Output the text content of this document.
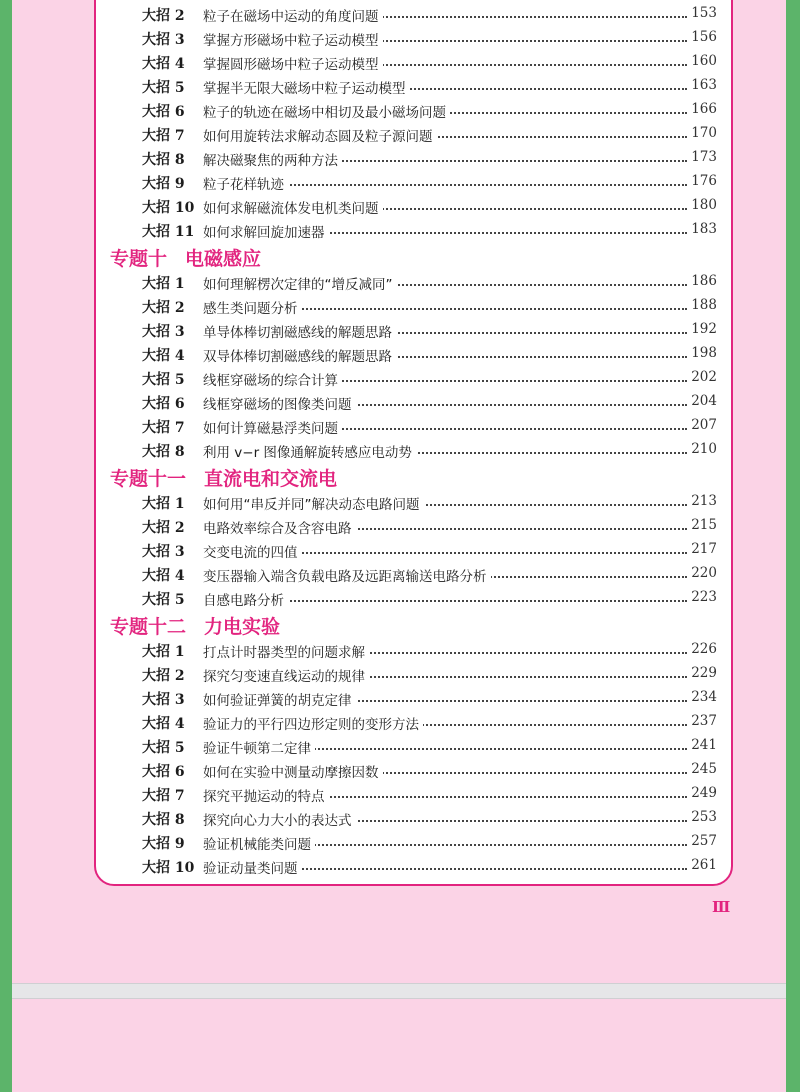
大招 2 粒子在磁场中运动的角度问题	153
大招 3 掌握方形磁场中粒子运动模型	156
大招 4 掌握圆形磁场中粒子运动模型	160
大招 5 掌握半无限大磁场中粒子运动模型	163
大招 6 粒子的轨迹在磁场中相切及最小磁场问题	166
大招 7 如何用旋转法求解动态圆及粒子源问题	170
大招 8 解决磁聚焦的两种方法	173
大招 9 粒子花样轨迹	176
大招 10 如何求解磁流体发电机类问题	180
大招 11 如何求解回旋加速器	183
专题十 电磁感应
大招 1 如何理解楞次定律的“增反减同”	186
大招 2 感生类问题分析	188
大招 3 单导体棒切割磁感线的解题思路	192
大招 4 双导体棒切割磁感线的解题思路	198
大招 5 线框穿磁场的综合计算	202
大招 6 线框穿磁场的图像类问题	204
大招 7 如何计算磁悬浮类问题	207
大招 8 利用 v−r 图像通解旋转感应电动势	210
专题十一 直流电和交流电
大招 1 如何用“串反并同”解决动态电路问题	213
大招 2 电路效率综合及含容电路	215
大招 3 交变电流的四值	217
大招 4 变压器输入端含负载电路及远距离输送电路分析	220
大招 5 自感电路分析	223
专题十二 力电实验
大招 1 打点计时器类型的问题求解	226
大招 2 探究匀变速直线运动的规律	229
大招 3 如何验证弹簧的胡克定律	234
大招 4 验证力的平行四边形定则的变形方法	237
大招 5 验证牛顿第二定律	241
大招 6 如何在实验中测量动摩擦因数	245
大招 7 探究平抛运动的特点	249
大招 8 探究向心力大小的表达式	253
大招 9 验证机械能类问题	257
大招 10 验证动量类问题	261
Ⅲ
